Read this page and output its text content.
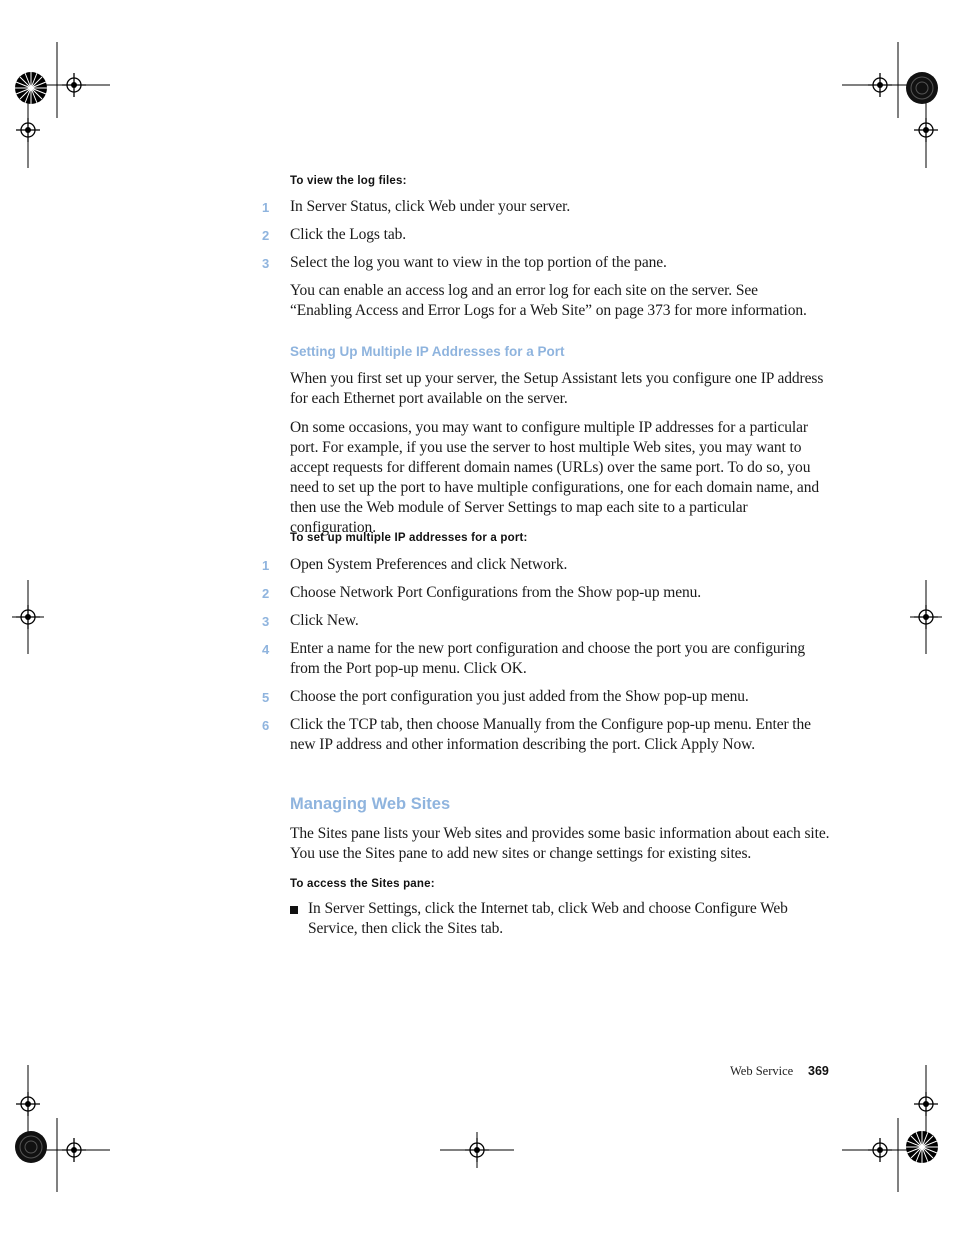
To view the log files:
1	In Server Status, click Web under your server.
2	Click the Logs tab.
3	Select the log you want to view in the top portion of the pane.
You can enable an access log and an error log for each site on the server. See “Enabling Access and Error Logs for a Web Site” on page 373 for more information.
Setting Up Multiple IP Addresses for a Port
When you first set up your server, the Setup Assistant lets you configure one IP address for each Ethernet port available on the server.
On some occasions, you may want to configure multiple IP addresses for a particular port. For example, if you use the server to host multiple Web sites, you may want to accept requests for different domain names (URLs) over the same port. To do so, you need to set up the port to have multiple configurations, one for each domain name, and then use the Web module of Server Settings to map each site to a particular configuration.
To set up multiple IP addresses for a port:
1	Open System Preferences and click Network.
2	Choose Network Port Configurations from the Show pop-up menu.
3	Click New.
4	Enter a name for the new port configuration and choose the port you are configuring from the Port pop-up menu. Click OK.
5	Choose the port configuration you just added from the Show pop-up menu.
6	Click the TCP tab, then choose Manually from the Configure pop-up menu. Enter the new IP address and other information describing the port. Click Apply Now.
Managing Web Sites
The Sites pane lists your Web sites and provides some basic information about each site. You use the Sites pane to add new sites or change settings for existing sites.
To access the Sites pane:
In Server Settings, click the Internet tab, click Web and choose Configure Web Service, then click the Sites tab.
Web Service 369
